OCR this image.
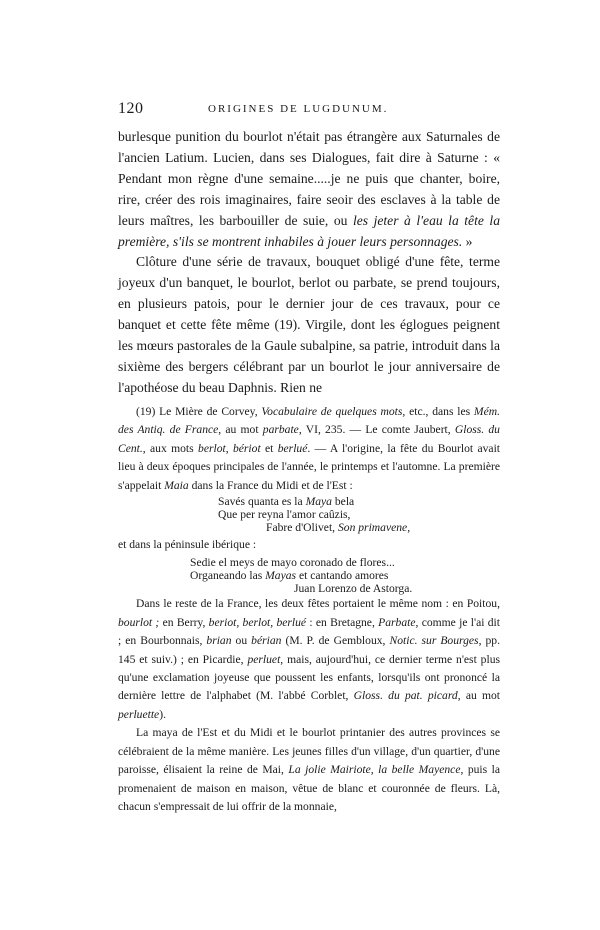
120	ORIGINES DE LUGDUNUM.

burlesque punition du bourlot n'était pas étrangère aux Saturnales de l'ancien Latium. Lucien, dans ses Dialogues, fait dire à Saturne : « Pendant mon règne d'une semaine.....je ne puis que chanter, boire, rire, créer des rois imaginaires, faire seoir des esclaves à la table de leurs maîtres, les barbouiller de suie, ou les jeter à l'eau la tête la première, s'ils se montrent inhabiles à jouer leurs personnages. »

Clôture d'une série de travaux, bouquet obligé d'une fête, terme joyeux d'un banquet, le bourlot, berlot ou parbate, se prend toujours, en plusieurs patois, pour le dernier jour de ces travaux, pour ce banquet et cette fête même (19). Virgile, dont les églogues peignent les mœurs pastorales de la Gaule subalpine, sa patrie, introduit dans la sixième des bergers célébrant par un bourlot le jour anniversaire de l'apothéose du beau Daphnis. Rien ne

(19) Le Mière de Corvey, Vocabulaire de quelques mots, etc., dans les Mém. des Antiq. de France, au mot parbate, VI, 235. — Le comte Jaubert, Gloss. du Cent., aux mots berlot, bériot et berlué. — A l'origine, la fête du Bourlot avait lieu à deux époques principales de l'année, le printemps et l'automne. La première s'appelait Maia dans la France du Midi et de l'Est :

Savés quanta es la Maya bela
Que per reyna l'amor caûzis,
Fabre d'Olivet, Son primavene,

et dans la péninsule ibérique :

Sedie el meys de mayo coronado de flores...
Organeando las Mayas et cantando amores
Juan Lorenzo de Astorga.

Dans le reste de la France, les deux fêtes portaient le même nom : en Poitou, bourlot ; en Berry, beriot, berlot, berlué : en Bretagne, Parbate, comme je l'ai dit ; en Bourbonnais, brian ou bérian (M. P. de Gembloux, Notic. sur Bourges, pp. 145 et suiv.) ; en Picardie, perluet, mais, aujourd'hui, ce dernier terme n'est plus qu'une exclamation joyeuse que poussent les enfants, lorsqu'ils ont prononcé la dernière lettre de l'alphabet (M. l'abbé Corblet, Gloss. du pat. picard, au mot perluette).

La maya de l'Est et du Midi et le bourlot printanier des autres provinces se célébraient de la même manière. Les jeunes filles d'un village, d'un quartier, d'une paroisse, élisaient la reine de Mai, La jolie Mairiote, la belle Mayence, puis la promenaient de maison en maison, vêtue de blanc et couronnée de fleurs. Là, chacun s'empressait de lui offrir de la monnaie,
